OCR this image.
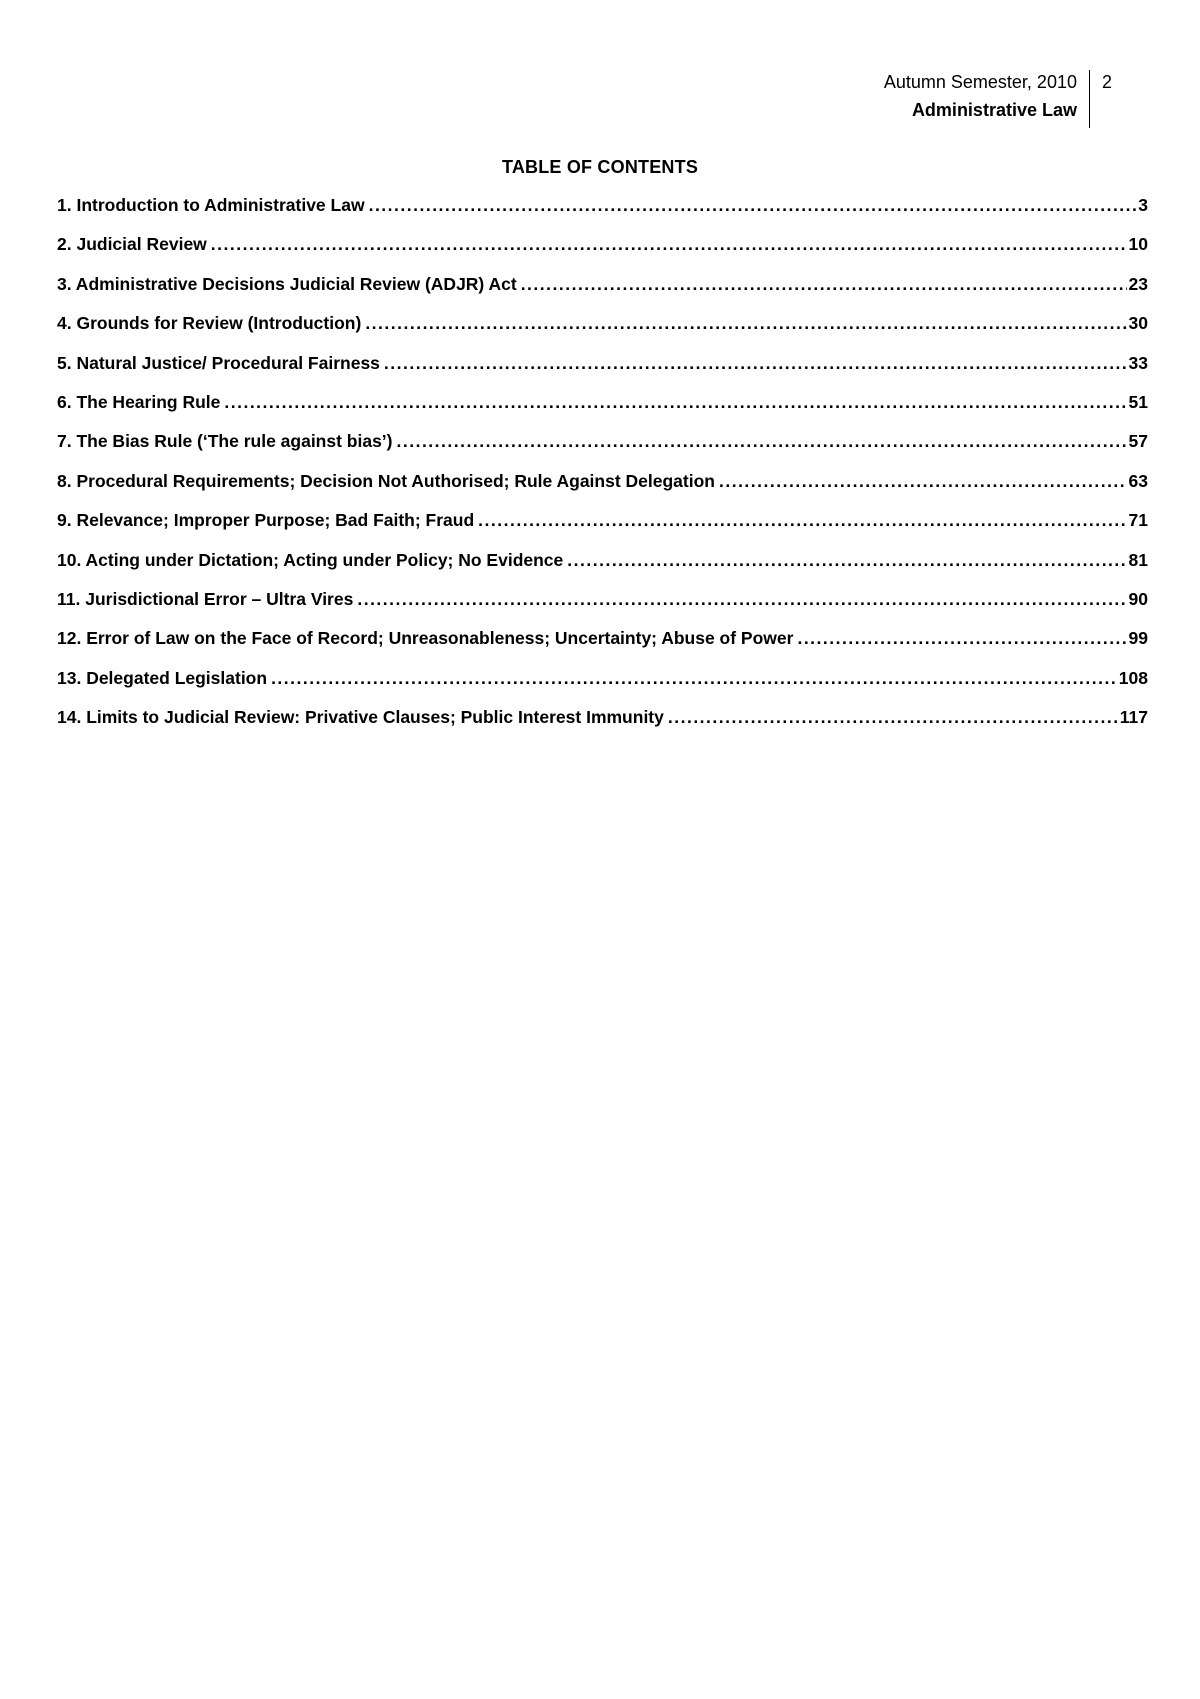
Autumn Semester, 2010
Administrative Law
2
TABLE OF CONTENTS
1. Introduction to Administrative Law .....	3
2. Judicial Review .....	10
3. Administrative Decisions Judicial Review (ADJR) Act .....	23
4. Grounds for Review (Introduction) .....	30
5. Natural Justice/ Procedural Fairness .....	33
6. The Hearing Rule .....	51
7. The Bias Rule (‘The rule against bias’) .....	57
8. Procedural Requirements; Decision Not Authorised; Rule Against Delegation .....	63
9. Relevance; Improper Purpose; Bad Faith; Fraud .....	71
10. Acting under Dictation; Acting under Policy; No Evidence .....	81
11. Jurisdictional Error – Ultra Vires .....	90
12. Error of Law on the Face of Record; Unreasonableness; Uncertainty; Abuse of Power .....	99
13. Delegated Legislation .....	108
14. Limits to Judicial Review: Privative Clauses; Public Interest Immunity .....	117
